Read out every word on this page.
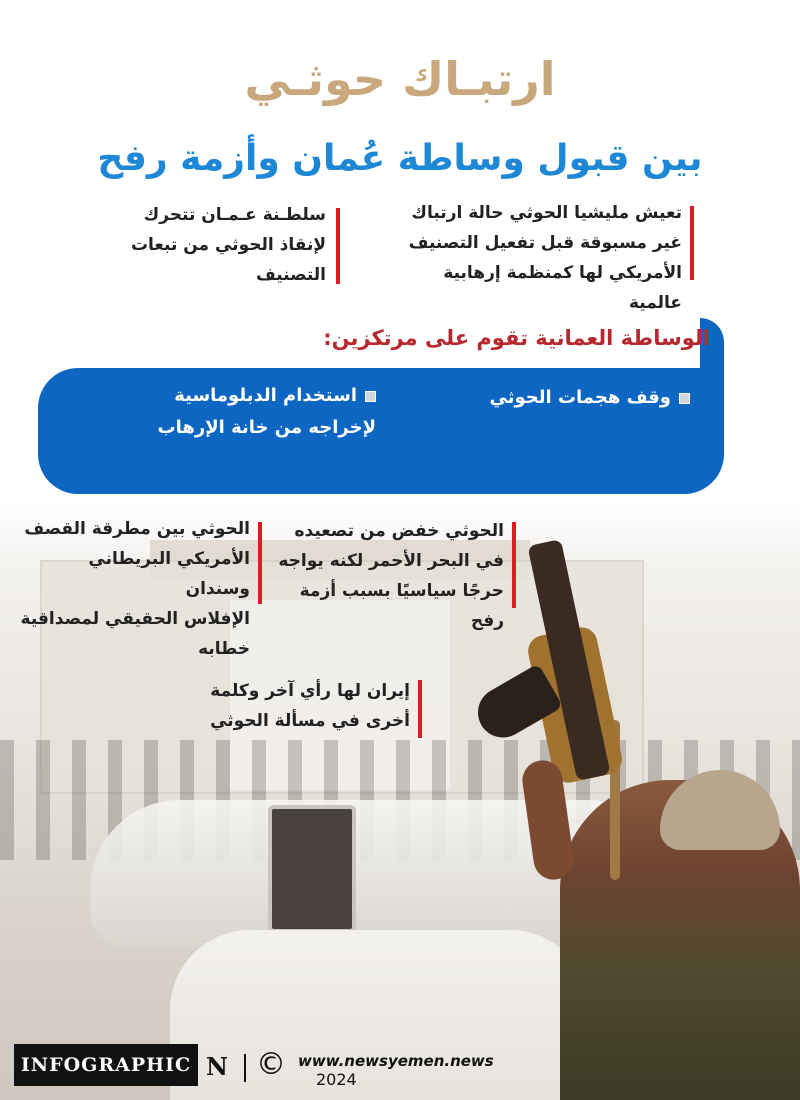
ارتبـاك حوثـي
بين قبول وساطة عُمان وأزمة رفح
تعيش مليشيا الحوثي حالة ارتباك
غير مسبوقة قبل تفعيل التصنيف
الأمريكي لها كمنظمة إرهابية عالمية
سلطـنة عـمـان تتحرك
لإنقاذ الحوثي من تبعات
التصنيف
الوساطة العمانية تقوم على مرتكزين:
وقف هجمات الحوثي
استخدام الدبلوماسية
لإخراجه من خانة الإرهاب
الحوثي خفض من تصعيده
في البحر الأحمر لكنه يواجه
حرجًا سياسيًا بسبب أزمة رفح
الحوثي بين مطرقة القصف
الأمريكي البريطاني وسندان
الإفلاس الحقيقي لمصداقية
خطابه
إيران لها رأي آخر وكلمة
أخرى في مسألة الحوثي
INFOGRAPHIC N © www.newsyemen.news
2024
